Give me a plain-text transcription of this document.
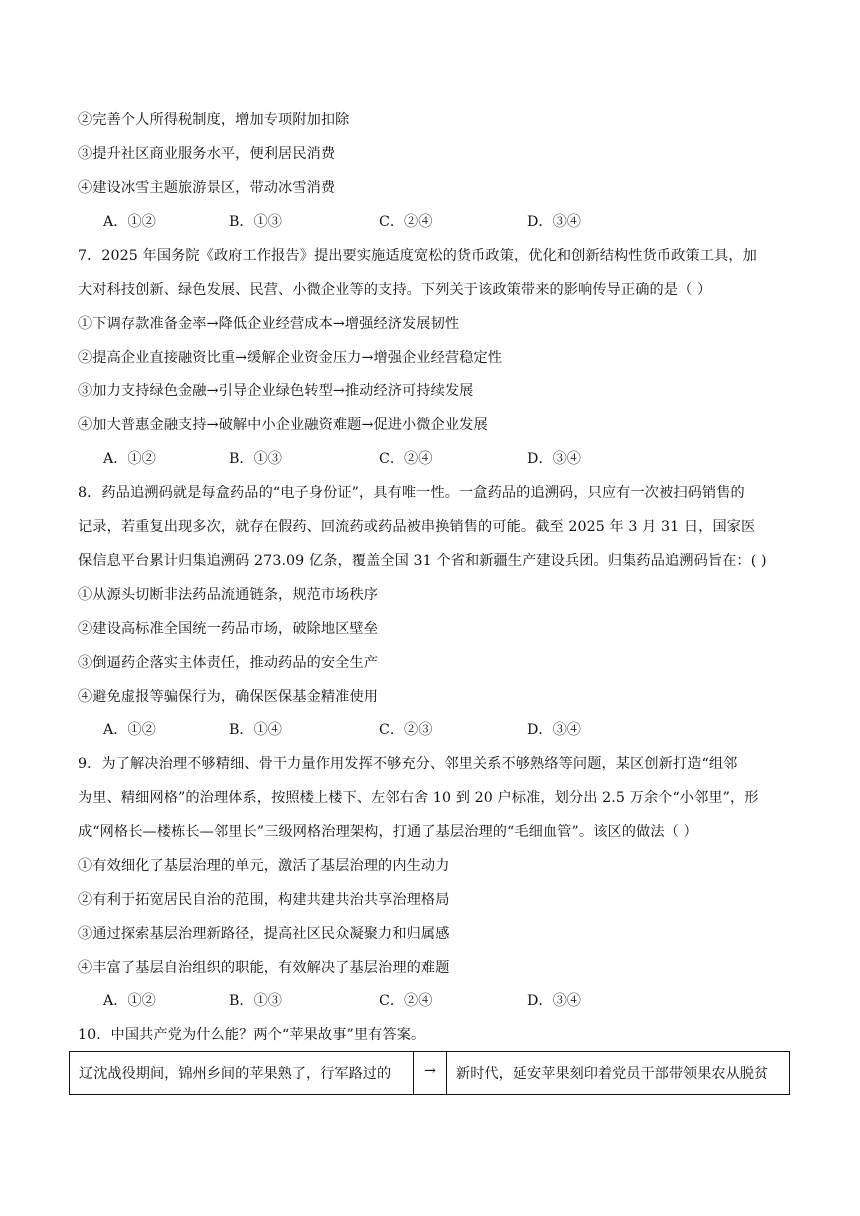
②完善个人所得税制度，增加专项附加扣除
③提升社区商业服务水平，便利居民消费
④建设冰雪主题旅游景区，带动冰雪消费
A．①②	B．①③	C．②④	D．③④
7．2025 年国务院《政府工作报告》提出要实施适度宽松的货币政策，优化和创新结构性货币政策工具，加
大对科技创新、绿色发展、民营、小微企业等的支持。下列关于该政策带来的影响传导正确的是（ ）
①下调存款准备金率→降低企业经营成本→增强经济发展韧性
②提高企业直接融资比重→缓解企业资金压力→增强企业经营稳定性
③加力支持绿色金融→引导企业绿色转型→推动经济可持续发展
④加大普惠金融支持→破解中小企业融资难题→促进小微企业发展
A．①②	B．①③	C．②④	D．③④
8．药品追溯码就是每盒药品的“电子身份证”，具有唯一性。一盒药品的追溯码，只应有一次被扫码销售的
记录，若重复出现多次，就存在假药、回流药或药品被串换销售的可能。截至 2025 年 3 月 31 日，国家医
保信息平台累计归集追溯码 273.09 亿条，覆盖全国 31 个省和新疆生产建设兵团。归集药品追溯码旨在：( )
①从源头切断非法药品流通链条，规范市场秩序
②建设高标准全国统一药品市场，破除地区壁垒
③倒逼药企落实主体责任，推动药品的安全生产
④避免虚报等骗保行为，确保医保基金精准使用
A．①②	B．①④	C．②③	D．③④
9．为了解决治理不够精细、骨干力量作用发挥不够充分、邻里关系不够熟络等问题，某区创新打造“组邻
为里、精细网格”的治理体系，按照楼上楼下、左邻右舍 10 到 20 户标准，划分出 2.5 万余个“小邻里”，形
成“网格长—楼栋长—邻里长”三级网格治理架构，打通了基层治理的“毛细血管”。该区的做法（ ）
①有效细化了基层治理的单元，激活了基层治理的内生动力
②有利于拓宽居民自治的范围，构建共建共治共享治理格局
③通过探索基层治理新路径，提高社区民众凝聚力和归属感
④丰富了基层自治组织的职能，有效解决了基层治理的难题
A．①②	B．①③	C．②④	D．③④
10．中国共产党为什么能？两个“苹果故事”里有答案。
辽沈战役期间，锦州乡间的苹果熟了，行军路过的	→	新时代，延安苹果刻印着党员干部带领果农从脱贫
